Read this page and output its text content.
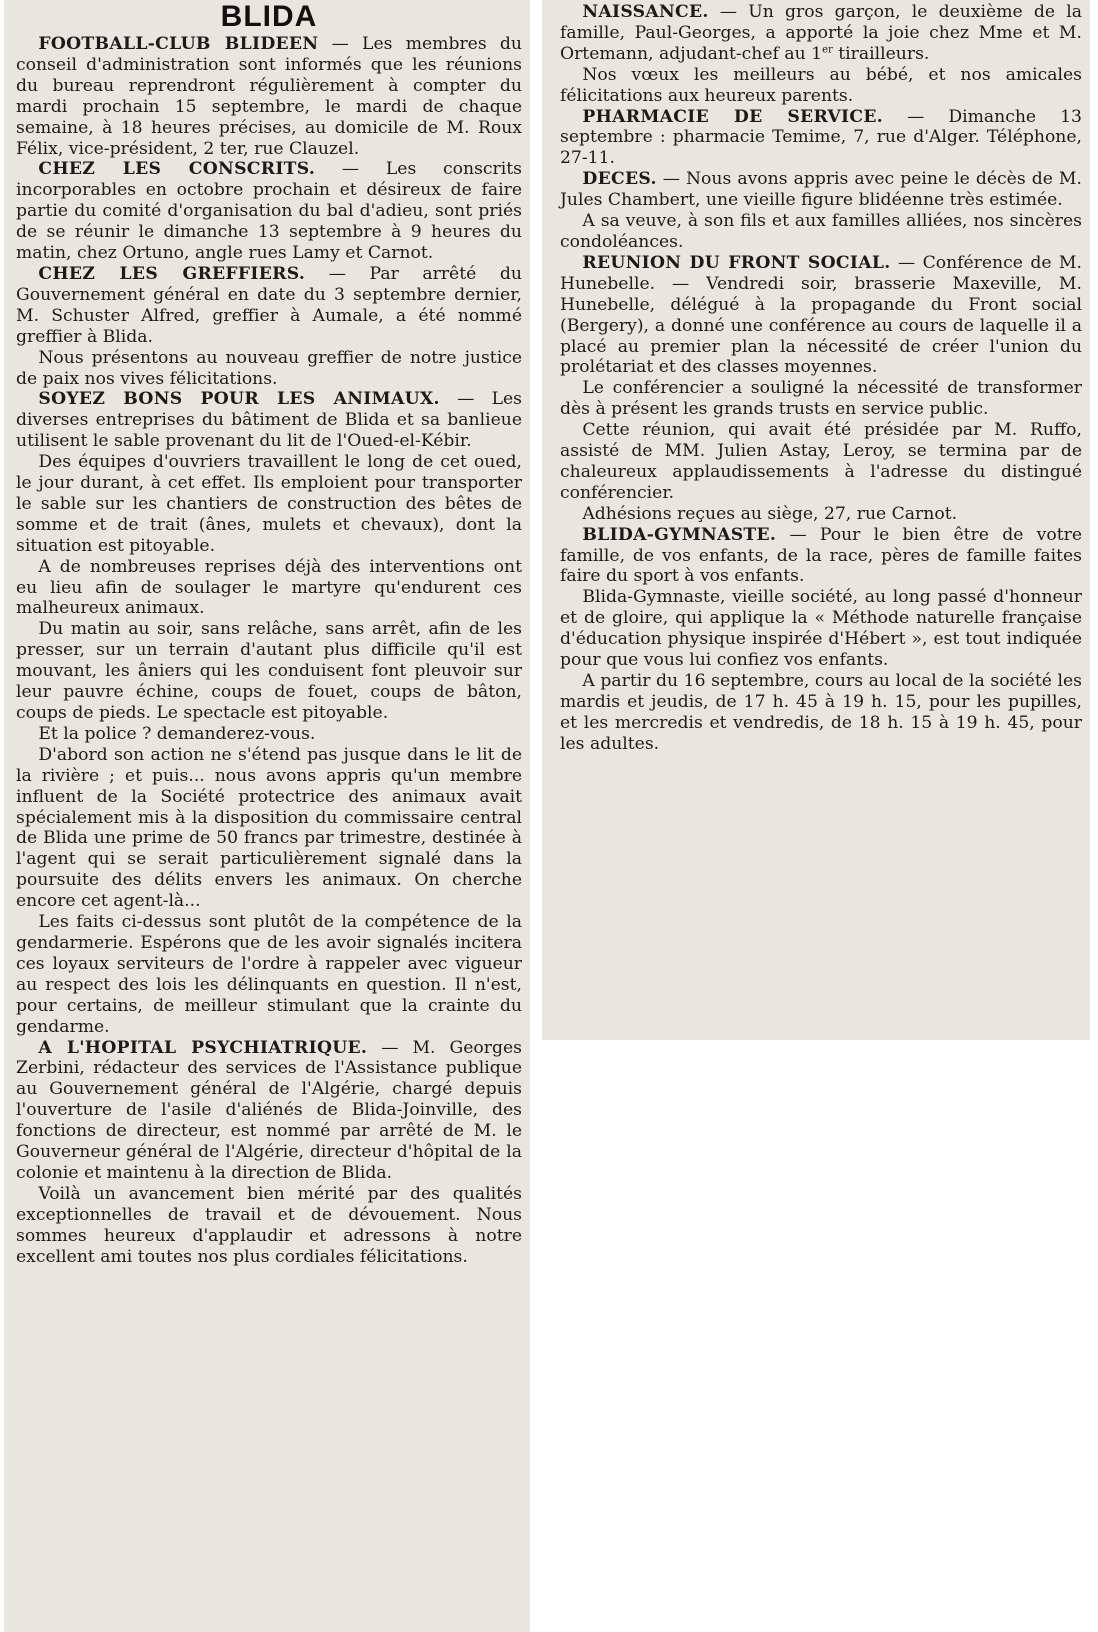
BLIDA

FOOTBALL-CLUB BLIDEEN — Les membres du conseil d'administration sont informés que les réunions du bureau reprendront régulièrement à compter du mardi prochain 15 septembre, le mardi de chaque semaine, à 18 heures précises, au domicile de M. Roux Félix, vice-président, 2 ter, rue Clauzel.

CHEZ LES CONSCRITS. — Les conscrits incorporables en octobre prochain et désireux de faire partie du comité d'organisation du bal d'adieu, sont priés de se réunir le dimanche 13 septembre à 9 heures du matin, chez Ortuno, angle rues Lamy et Carnot.

CHEZ LES GREFFIERS. — Par arrêté du Gouvernement général en date du 3 septembre dernier, M. Schuster Alfred, greffier à Aumale, a été nommé greffier à Blida.

Nous présentons au nouveau greffier de notre justice de paix nos vives félicitations.

SOYEZ BONS POUR LES ANIMAUX. — Les diverses entreprises du bâtiment de Blida et sa banlieue utilisent le sable provenant du lit de l'Oued-el-Kébir.

Des équipes d'ouvriers travaillent le long de cet oued, le jour durant, à cet effet. Ils emploient pour transporter le sable sur les chantiers de construction des bêtes de somme et de trait (ânes, mulets et chevaux), dont la situation est pitoyable.

A de nombreuses reprises déjà des interventions ont eu lieu afin de soulager le martyre qu'endurent ces malheureux animaux.

Du matin au soir, sans relâche, sans arrêt, afin de les presser, sur un terrain d'autant plus difficile qu'il est mouvant, les âniers qui les conduisent font pleuvoir sur leur pauvre échine, coups de fouet, coups de bâton, coups de pieds. Le spectacle est pitoyable.

Et la police ? demanderez-vous.

D'abord son action ne s'étend pas jusque dans le lit de la rivière ; et puis... nous avons appris qu'un membre influent de la Société protectrice des animaux avait spécialement mis à la disposition du commissaire central de Blida une prime de 50 francs par trimestre, destinée à l'agent qui se serait particulièrement signalé dans la poursuite des délits envers les animaux. On cherche encore cet agent-là...

Les faits ci-dessus sont plutôt de la compétence de la gendarmerie. Espérons que de les avoir signalés incitera ces loyaux serviteurs de l'ordre à rappeler avec vigueur au respect des lois les délinquants en question. Il n'est, pour certains, de meilleur stimulant que la crainte du gendarme.

A L'HOPITAL PSYCHIATRIQUE. — M. Georges Zerbini, rédacteur des services de l'Assistance publique au Gouvernement général de l'Algérie, chargé depuis l'ouverture de l'asile d'aliénés de Blida-Joinville, des fonctions de directeur, est nommé par arrêté de M. le Gouverneur général de l'Algérie, directeur d'hôpital de la colonie et maintenu à la direction de Blida.

Voilà un avancement bien mérité par des qualités exceptionnelles de travail et de dévouement. Nous sommes heureux d'applaudir et adressons à notre excellent ami toutes nos plus cordiales félicitations.

NAISSANCE. — Un gros garçon, le deuxième de la famille, Paul-Georges, a apporté la joie chez Mme et M. Ortemann, adjudant-chef au 1er tirailleurs.

Nos vœux les meilleurs au bébé, et nos amicales félicitations aux heureux parents.

PHARMACIE DE SERVICE. — Dimanche 13 septembre : pharmacie Temime, 7, rue d'Alger. Téléphone, 27-11.

DECES. — Nous avons appris avec peine le décès de M. Jules Chambert, une vieille figure blidéenne très estimée.

A sa veuve, à son fils et aux familles alliées, nos sincères condoléances.

REUNION DU FRONT SOCIAL. — Conférence de M. Hunebelle. — Vendredi soir, brasserie Maxeville, M. Hunebelle, délégué à la propagande du Front social (Bergery), a donné une conférence au cours de laquelle il a placé au premier plan la nécessité de créer l'union du prolétariat et des classes moyennes.

Le conférencier a souligné la nécessité de transformer dès à présent les grands trusts en service public.

Cette réunion, qui avait été présidée par M. Ruffo, assisté de MM. Julien Astay, Leroy, se termina par de chaleureux applaudissements à l'adresse du distingué conférencier.

Adhésions reçues au siège, 27, rue Carnot.

BLIDA-GYMNASTE. — Pour le bien être de votre famille, de vos enfants, de la race, pères de famille faites faire du sport à vos enfants.

Blida-Gymnaste, vieille société, au long passé d'honneur et de gloire, qui applique la « Méthode naturelle française d'éducation physique inspirée d'Hébert », est tout indiquée pour que vous lui confiez vos enfants.

A partir du 16 septembre, cours au local de la société les mardis et jeudis, de 17 h. 45 à 19 h. 15, pour les pupilles, et les mercredis et vendredis, de 18 h. 15 à 19 h. 45, pour les adultes.
